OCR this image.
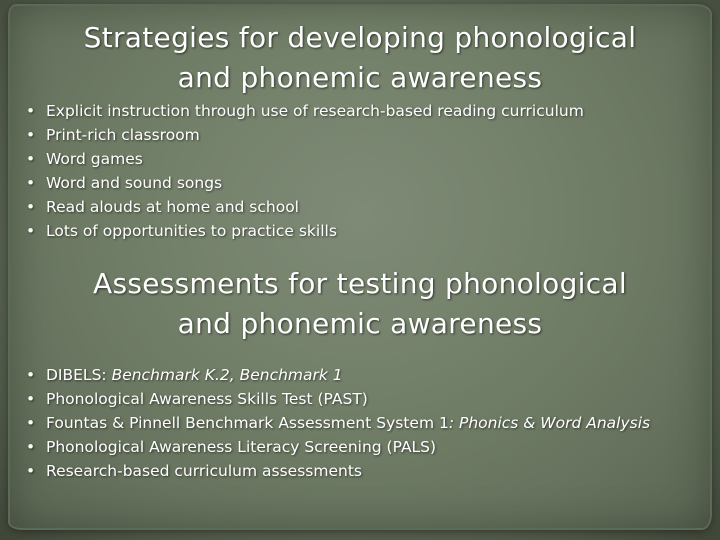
Strategies for developing phonological
and phonemic awareness
• Explicit instruction through use of research-based reading curriculum
• Print-rich classroom
• Word games
• Word and sound songs
• Read alouds at home and school
• Lots of opportunities to practice skills
Assessments for testing phonological
and phonemic awareness
• DIBELS: Benchmark K.2, Benchmark 1
• Phonological Awareness Skills Test (PAST)
• Fountas & Pinnell Benchmark Assessment System 1: Phonics & Word Analysis
• Phonological Awareness Literacy Screening (PALS)
• Research-based curriculum assessments
